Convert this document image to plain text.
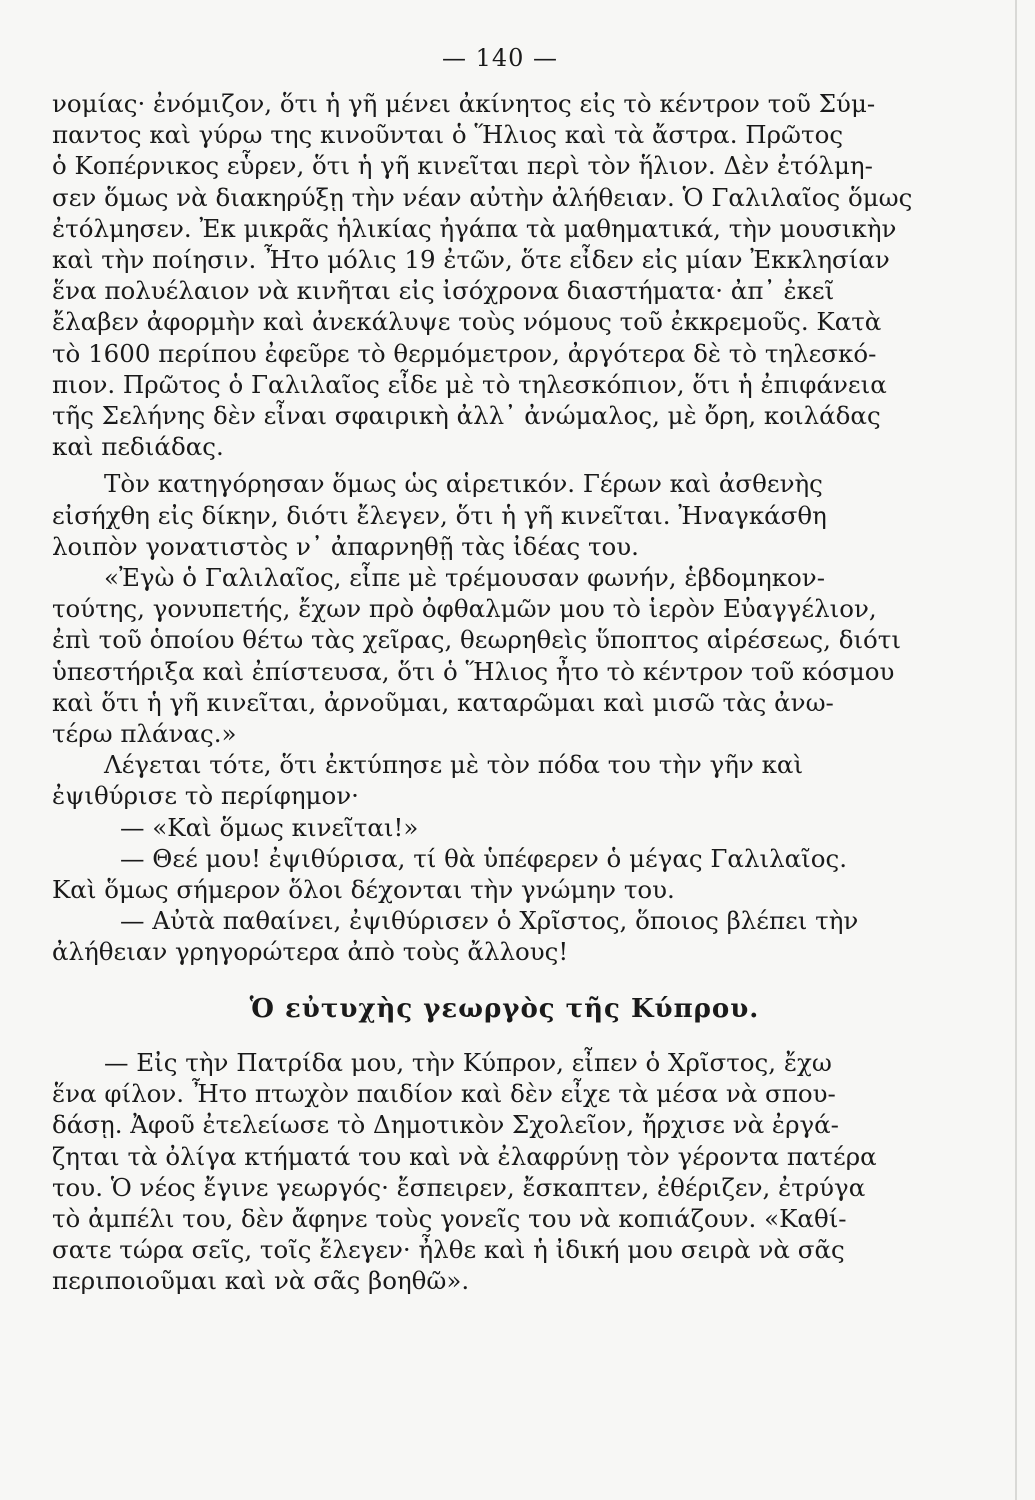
— 140 —
νομίας· ἐνόμιζον, ὅτι ἡ γῆ μένει ἀκίνητος εἰς τὸ κέντρον τοῦ Σύμ-
παντος καὶ γύρω της κινοῦνται ὁ Ἥλιος καὶ τὰ ἄστρα. Πρῶτος
ὁ Κοπέρνικος εὗρεν, ὅτι ἡ γῆ κινεῖται περὶ τὸν ἥλιον. Δὲν ἐτόλμη-
σεν ὅμως νὰ διακηρύξῃ τὴν νέαν αὐτὴν ἀλήθειαν. Ὁ Γαλιλαῖος ὅμως
ἐτόλμησεν. Ἐκ μικρᾶς ἡλικίας ἠγάπα τὰ μαθηματικά, τὴν μουσικὴν
καὶ τὴν ποίησιν. Ἦτο μόλις 19 ἐτῶν, ὅτε εἶδεν εἰς μίαν Ἐκκλησίαν
ἕνα πολυέλαιον νὰ κινῆται εἰς ἰσόχρονα διαστήματα· ἀπ᾽ ἐκεῖ
ἔλαβεν ἀφορμὴν καὶ ἀνεκάλυψε τοὺς νόμους τοῦ ἐκκρεμοῦς. Κατὰ
τὸ 1600 περίπου ἐφεῦρε τὸ θερμόμετρον, ἀργότερα δὲ τὸ τηλεσκό-
πιον. Πρῶτος ὁ Γαλιλαῖος εἶδε μὲ τὸ τηλεσκόπιον, ὅτι ἡ ἐπιφάνεια
τῆς Σελήνης δὲν εἶναι σφαιρικὴ ἀλλ᾽ ἀνώμαλος, μὲ ὄρη, κοιλάδας
καὶ πεδιάδας.
Τὸν κατηγόρησαν ὅμως ὡς αἱρετικόν. Γέρων καὶ ἀσθενὴς
εἰσήχθη εἰς δίκην, διότι ἔλεγεν, ὅτι ἡ γῆ κινεῖται. Ἠναγκάσθη
λοιπὸν γονατιστὸς ν᾽ ἀπαρνηθῇ τὰς ἰδέας του.
«Ἐγὼ ὁ Γαλιλαῖος, εἶπε μὲ τρέμουσαν φωνήν, ἑβδομηκον-
τούτης, γονυπετής, ἔχων πρὸ ὀφθαλμῶν μου τὸ ἱερὸν Εὐαγγέλιον,
ἐπὶ τοῦ ὁποίου θέτω τὰς χεῖρας, θεωρηθεὶς ὕποπτος αἱρέσεως, διότι
ὑπεστήριξα καὶ ἐπίστευσα, ὅτι ὁ Ἥλιος ἦτο τὸ κέντρον τοῦ κόσμου
καὶ ὅτι ἡ γῆ κινεῖται, ἀρνοῦμαι, καταρῶμαι καὶ μισῶ τὰς ἀνω-
τέρω πλάνας.»
Λέγεται τότε, ὅτι ἐκτύπησε μὲ τὸν πόδα του τὴν γῆν καὶ
ἐψιθύρισε τὸ περίφημον·
— «Καὶ ὅμως κινεῖται!»
— Θεέ μου! ἐψιθύρισα, τί θὰ ὑπέφερεν ὁ μέγας Γαλιλαῖος.
Καὶ ὅμως σήμερον ὅλοι δέχονται τὴν γνώμην του.
— Αὐτὰ παθαίνει, ἐψιθύρισεν ὁ Χρῖστος, ὅποιος βλέπει τὴν
ἀλήθειαν γρηγορώτερα ἀπὸ τοὺς ἄλλους!
Ὁ εὐτυχὴς γεωργὸς τῆς Κύπρου.
— Εἰς τὴν Πατρίδα μου, τὴν Κύπρον, εἶπεν ὁ Χρῖστος, ἔχω
ἕνα φίλον. Ἦτο πτωχὸν παιδίον καὶ δὲν εἶχε τὰ μέσα νὰ σπου-
δάσῃ. Ἀφοῦ ἐτελείωσε τὸ Δημοτικὸν Σχολεῖον, ἤρχισε νὰ ἐργά-
ζηται τὰ ὀλίγα κτήματά του καὶ νὰ ἐλαφρύνῃ τὸν γέροντα πατέρα
του. Ὁ νέος ἔγινε γεωργός· ἔσπειρεν, ἔσκαπτεν, ἐθέριζεν, ἐτρύγα
τὸ ἀμπέλι του, δὲν ἄφηνε τοὺς γονεῖς του νὰ κοπιάζουν. «Καθί-
σατε τώρα σεῖς, τοῖς ἔλεγεν· ἦλθε καὶ ἡ ἰδική μου σειρὰ νὰ σᾶς
περιποιοῦμαι καὶ νὰ σᾶς βοηθῶ».
